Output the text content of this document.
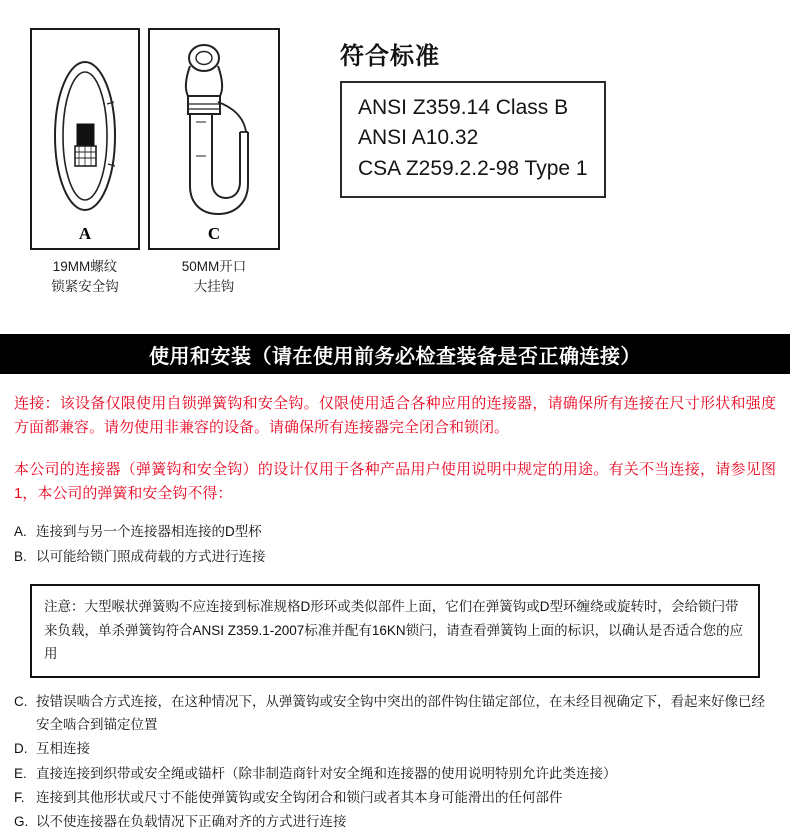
A	C
19MM螺纹
锁紧安全钩
50MM开口
大挂钩
符合标准
ANSI Z359.14 Class B
ANSI A10.32
CSA Z259.2.2-98 Type 1
使用和安装（请在使用前务必检查装备是否正确连接）
连接：该设备仅限使用自锁弹簧钩和安全钩。仅限使用适合各种应用的连接器，请确保所有连接在尺寸形状和强度方面都兼容。请勿使用非兼容的设备。请确保所有连接器完全闭合和锁闭。
本公司的连接器（弹簧钩和安全钩）的设计仅用于各种产品用户使用说明中规定的用途。有关不当连接，请参见图1，本公司的弹簧和安全钩不得：
A. 连接到与另一个连接器相连接的D型杯
B. 以可能给锁门照成荷载的方式进行连接
注意：大型喉状弹簧购不应连接到标准规格D形环或类似部件上面，它们在弹簧钩或D型环缠绕或旋转时，会给锁闩带来负载，单杀弹簧钩符合ANSI Z359.1-2007标准并配有16KN锁闩，请查看弹簧钩上面的标识，以确认是否适合您的应用
C. 按错误啮合方式连接，在这种情况下，从弹簧钩或安全钩中突出的部件钩住锚定部位，在未经目视确定下，看起来好像已经安全啮合到锚定位置
D. 互相连接
E. 直接连接到织带或安全绳或锚杆（除非制造商针对安全绳和连接器的使用说明特别允许此类连接）
F. 连接到其他形状或尺寸不能使弹簧钩或安全钩闭合和锁闩或者其本身可能滑出的任何部件
G. 以不使连接器在负载情况下正确对齐的方式进行连接
